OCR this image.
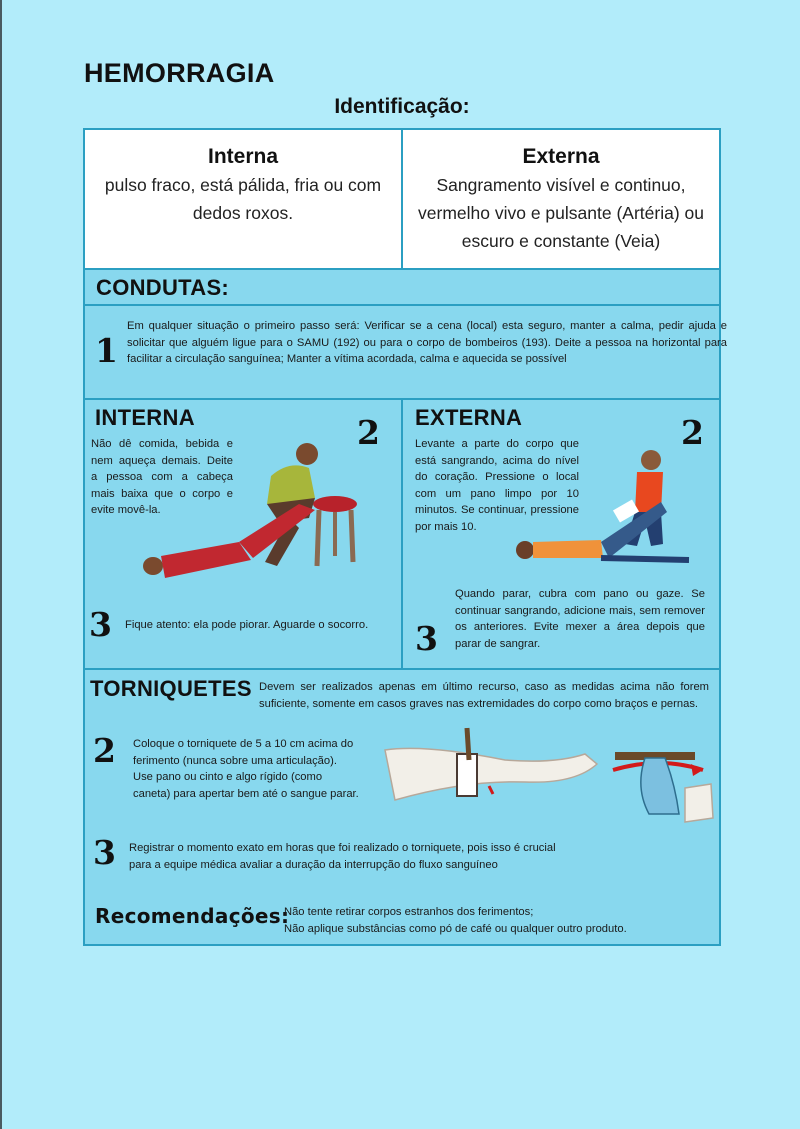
HEMORRAGIA
Identificação:
Interna
pulso fraco, está pálida, fria ou com dedos roxos.
Externa
Sangramento visível e continuo, vermelho vivo e pulsante (Artéria) ou escuro e constante (Veia)
CONDUTAS:
1
Em qualquer situação o primeiro passo será: Verificar se a cena (local) esta seguro, manter a calma, pedir ajuda e solicitar que alguém ligue para o SAMU (192) ou para o corpo de bombeiros (193). Deite a pessoa na horizontal para facilitar a circulação sanguínea; Manter a vítima acordada, calma e aquecida se possível
INTERNA	2
Não dê comida, bebida e nem aqueça demais. Deite a pessoa com a cabeça mais baixa que o corpo e evite movê-la.
3 Fique atento: ela pode piorar. Aguarde o socorro.
EXTERNA	2
Levante a parte do corpo que está sangrando, acima do nível do coração. Pressione o local com um pano limpo por 10 minutos. Se continuar, pressione por mais 10.
3
Quando parar, cubra com pano ou gaze. Se continuar sangrando, adicione mais, sem remover os anteriores. Evite mexer a área depois que parar de sangrar.
TORNIQUETES Devem ser realizados apenas em último recurso, caso as medidas acima não forem suficiente, somente em casos graves nas extremidades do corpo como braços e pernas.
2 Coloque o torniquete de 5 a 10 cm acima do
ferimento (nunca sobre uma articulação).
Use pano ou cinto e algo rígido (como
caneta) para apertar bem até o sangue parar.
3 Registrar o momento exato em horas que foi realizado o torniquete, pois isso é crucial para a equipe médica avaliar a duração da interrupção do fluxo sanguíneo
Recomendações:
Não tente retirar corpos estranhos dos ferimentos;
Não aplique substâncias como pó de café ou qualquer outro produto.
